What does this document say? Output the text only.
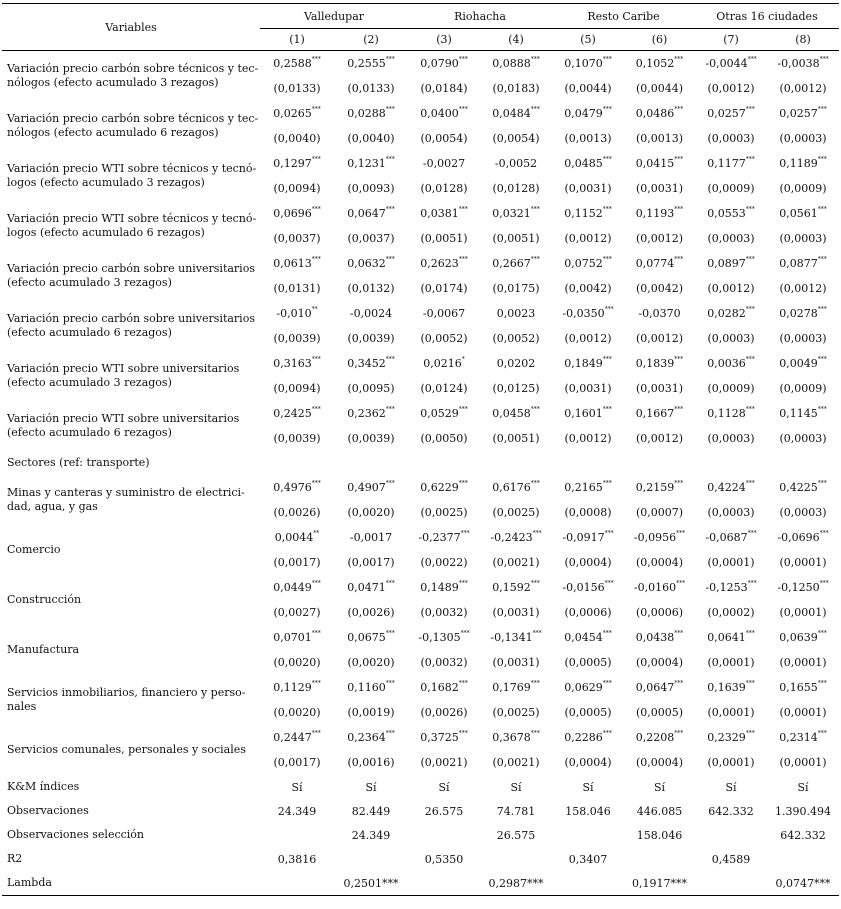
Variables	Valledupar		Riohacha		Resto Caribe		Otras 16 ciudades	
	(1)	(2)	(3)	(4)	(5)	(6)	(7)	(8)
Variación precio carbón sobre técnicos y tec-nólogos (efecto acumulado 3 rezagos)	0,2588***	0,2555***	0,0790***	0,0888***	0,1070***	0,1052***	-0,0044***	-0,0038***
	(0,0133)	(0,0133)	(0,0184)	(0,0183)	(0,0044)	(0,0044)	(0,0012)	(0,0012)
Variación precio carbón sobre técnicos y tec-nólogos (efecto acumulado 6 rezagos)	0,0265***	0,0288***	0,0400***	0,0484***	0,0479***	0,0486***	0,0257***	0,0257***
	(0,0040)	(0,0040)	(0,0054)	(0,0054)	(0,0013)	(0,0013)	(0,0003)	(0,0003)
Variación precio WTI sobre técnicos y tecnó-logos (efecto acumulado 3 rezagos)	0,1297***	0,1231***	-0,0027	-0,0052	0,0485***	0,0415***	0,1177***	0,1189***
	(0,0094)	(0,0093)	(0,0128)	(0,0128)	(0,0031)	(0,0031)	(0,0009)	(0,0009)
Variación precio WTI sobre técnicos y tecnó-logos (efecto acumulado 6 rezagos)	0,0696***	0,0647***	0,0381***	0,0321***	0,1152***	0,1193***	0,0553***	0,0561***
	(0,0037)	(0,0037)	(0,0051)	(0,0051)	(0,0012)	(0,0012)	(0,0003)	(0,0003)
Variación precio carbón sobre universitarios (efecto acumulado 3 rezagos)	0,0613***	0,0632***	0,2623***	0,2667***	0,0752***	0,0774***	0,0897***	0,0877***
	(0,0131)	(0,0132)	(0,0174)	(0,0175)	(0,0042)	(0,0042)	(0,0012)	(0,0012)
Variación precio carbón sobre universitarios (efecto acumulado 6 rezagos)	-0,010**	-0,0024	-0,0067	0,0023	-0,0350***	-0,0370	0,0282***	0,0278***
	(0,0039)	(0,0039)	(0,0052)	(0,0052)	(0,0012)	(0,0012)	(0,0003)	(0,0003)
Variación precio WTI sobre universitarios (efecto acumulado 3 rezagos)	0,3163***	0,3452***	0,0216*	0,0202	0,1849***	0,1839***	0,0036***	0,0049***
	(0,0094)	(0,0095)	(0,0124)	(0,0125)	(0,0031)	(0,0031)	(0,0009)	(0,0009)
Variación precio WTI sobre universitarios (efecto acumulado 6 rezagos)	0,2425***	0,2362***	0,0529***	0,0458***	0,1601***	0,1667***	0,1128***	0,1145***
	(0,0039)	(0,0039)	(0,0050)	(0,0051)	(0,0012)	(0,0012)	(0,0003)	(0,0003)
Sectores (ref: transporte)								
Minas y canteras y suministro de electrici-dad, agua, y gas	0,4976***	0,4907***	0,6229***	0,6176***	0,2165***	0,2159***	0,4224***	0,4225***
	(0,0026)	(0,0020)	(0,0025)	(0,0025)	(0,0008)	(0,0007)	(0,0003)	(0,0003)
Comercio	0,0044**	-0,0017	-0,2377***	-0,2423***	-0,0917***	-0,0956***	-0,0687***	-0,0696***
	(0,0017)	(0,0017)	(0,0022)	(0,0021)	(0,0004)	(0,0004)	(0,0001)	(0,0001)
Construcción	0,0449***	0,0471***	0,1489***	0,1592***	-0,0156***	-0,0160***	-0,1253***	-0,1250***
	(0,0027)	(0,0026)	(0,0032)	(0,0031)	(0,0006)	(0,0006)	(0,0002)	(0,0001)
Manufactura	0,0701***	0,0675***	-0,1305***	-0,1341***	0,0454***	0,0438***	0,0641***	0,0639***
	(0,0020)	(0,0020)	(0,0032)	(0,0031)	(0,0005)	(0,0004)	(0,0001)	(0,0001)
Servicios inmobiliarios, financiero y perso-nales	0,1129***	0,1160***	0,1682***	0,1769***	0,0629***	0,0647***	0,1639***	0,1655***
	(0,0020)	(0,0019)	(0,0026)	(0,0025)	(0,0005)	(0,0005)	(0,0001)	(0,0001)
Servicios comunales, personales y sociales	0,2447***	0,2364***	0,3725***	0,3678***	0,2286***	0,2208***	0,2329***	0,2314***
	(0,0017)	(0,0016)	(0,0021)	(0,0021)	(0,0004)	(0,0004)	(0,0001)	(0,0001)
K&M índices	Sí	Sí	Sí	Sí	Sí	Sí	Sí	Sí
Observaciones	24.349	82.449	26.575	74.781	158.046	446.085	642.332	1.390.494
Observaciones selección		24.349		26.575		158.046		642.332
R2	0,3816		0,5350		0,3407		0,4589	
Lambda		0,2501***		0,2987***		0,1917***		0,0747***
